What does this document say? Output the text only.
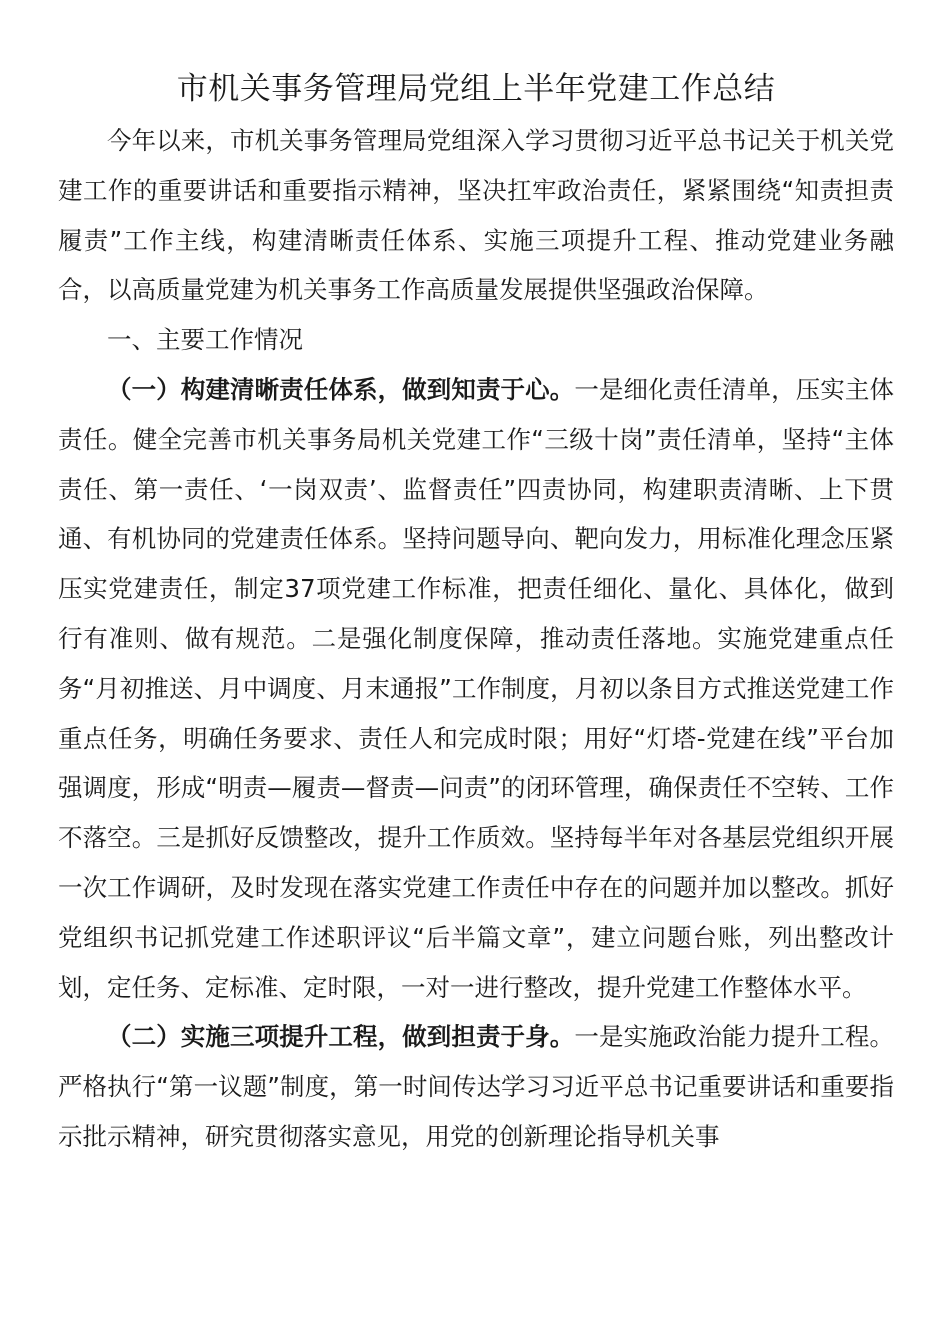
市机关事务管理局党组上半年党建工作总结

今年以来，市机关事务管理局党组深入学习贯彻习近平总书记关于机关党建工作的重要讲话和重要指示精神，坚决扛牢政治责任，紧紧围绕“知责担责履责”工作主线，构建清晰责任体系、实施三项提升工程、推动党建业务融合，以高质量党建为机关事务工作高质量发展提供坚强政治保障。

一、主要工作情况

（一）构建清晰责任体系，做到知责于心。一是细化责任清单，压实主体责任。健全完善市机关事务局机关党建工作“三级十岗”责任清单，坚持“主体责任、第一责任、‘一岗双责’、监督责任”四责协同，构建职责清晰、上下贯通、有机协同的党建责任体系。坚持问题导向、靶向发力，用标准化理念压紧压实党建责任，制定37项党建工作标准，把责任细化、量化、具体化，做到行有准则、做有规范。二是强化制度保障，推动责任落地。实施党建重点任务“月初推送、月中调度、月末通报”工作制度，月初以条目方式推送党建工作重点任务，明确任务要求、责任人和完成时限；用好“灯塔-党建在线”平台加强调度，形成“明责—履责—督责—问责”的闭环管理，确保责任不空转、工作不落空。三是抓好反馈整改，提升工作质效。坚持每半年对各基层党组织开展一次工作调研，及时发现在落实党建工作责任中存在的问题并加以整改。抓好党组织书记抓党建工作述职评议“后半篇文章”，建立问题台账，列出整改计划，定任务、定标准、定时限，一对一进行整改，提升党建工作整体水平。

（二）实施三项提升工程，做到担责于身。一是实施政治能力提升工程。严格执行“第一议题”制度，第一时间传达学习习近平总书记重要讲话和重要指示批示精神，研究贯彻落实意见，用党的创新理论指导机关事
